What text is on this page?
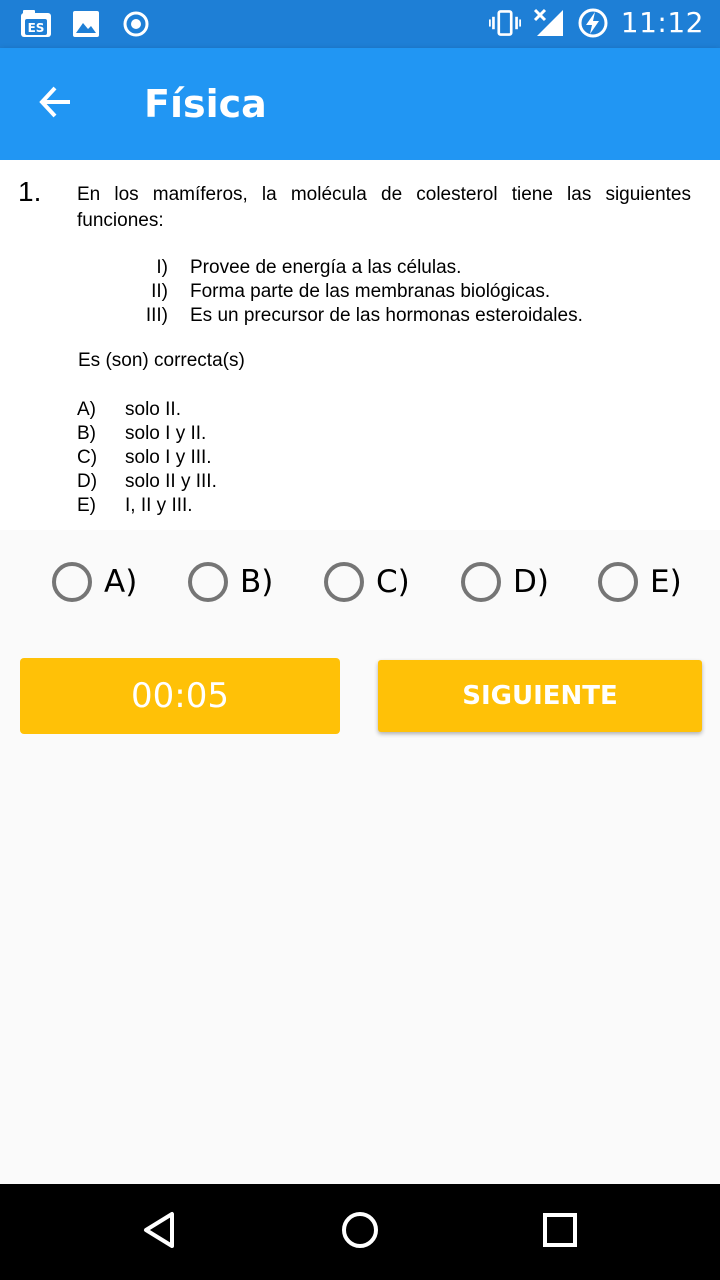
ES	11:12
Física
1. En los mamíferos, la molécula de colesterol tiene las siguientes funciones:
I) Provee de energía a las células.
II) Forma parte de las membranas biológicas.
III) Es un precursor de las hormonas esteroidales.
Es (son) correcta(s)
A)	solo II.
B)	solo I y II.
C)	solo I y III.
D)	solo II y III.
E)	I, II y III.
A)	B)	C)	D)	E)
00:05	SIGUIENTE
